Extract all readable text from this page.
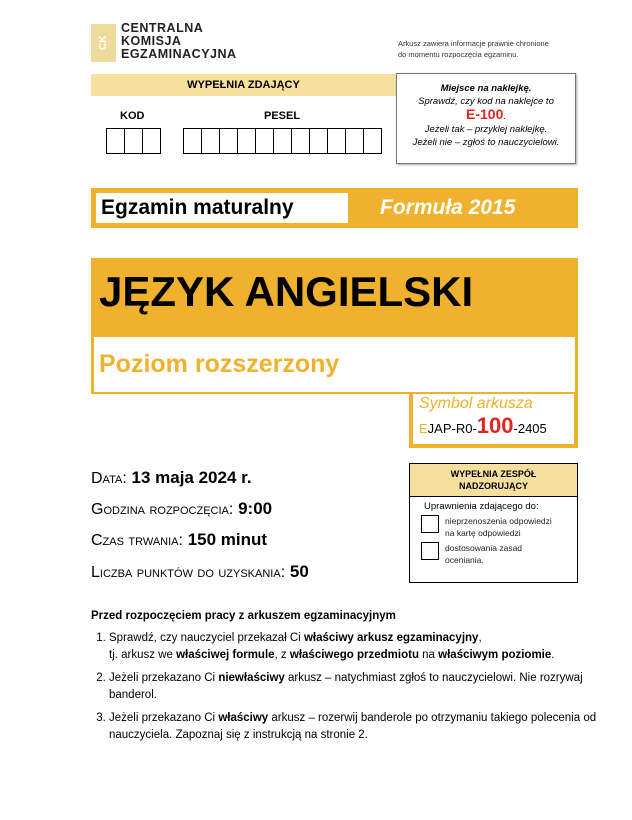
CK
CENTRALNA
KOMISJA
EGZAMINACYJNA
Arkusz zawiera informacje prawnie chronione
do momentu rozpoczęcia egzaminu.
WYPEŁNIA ZDAJĄCY
KOD	PESEL
Miejsce na naklejkę.
Sprawdź, czy kod na naklejce to
E-100.
Jeżeli tak – przyklej naklejkę.
Jeżeli nie – zgłoś to nauczycielowi.
Egzamin maturalny	Formuła 2015
JĘZYK ANGIELSKI
Poziom rozszerzony
Symbol arkusza
EJAP-R0-100-2405
Data: 13 maja 2024 r.
Godzina rozpoczęcia: 9:00
Czas trwania: 150 minut
Liczba punktów do uzyskania: 50
WYPEŁNIA ZESPÓŁ
NADZORUJĄCY
Uprawnienia zdającego do:
nieprzenoszenia odpowiedzi
na kartę odpowiedzi
dostosowania zasad
oceniania.
Przed rozpoczęciem pracy z arkuszem egzaminacyjnym
1. Sprawdź, czy nauczyciel przekazał Ci właściwy arkusz egzaminacyjny,
tj. arkusz we właściwej formule, z właściwego przedmiotu na właściwym poziomie.
2. Jeżeli przekazano Ci niewłaściwy arkusz – natychmiast zgłoś to nauczycielowi. Nie rozrywaj banderol.
3. Jeżeli przekazano Ci właściwy arkusz – rozerwij banderole po otrzymaniu takiego polecenia od nauczyciela. Zapoznaj się z instrukcją na stronie 2.
